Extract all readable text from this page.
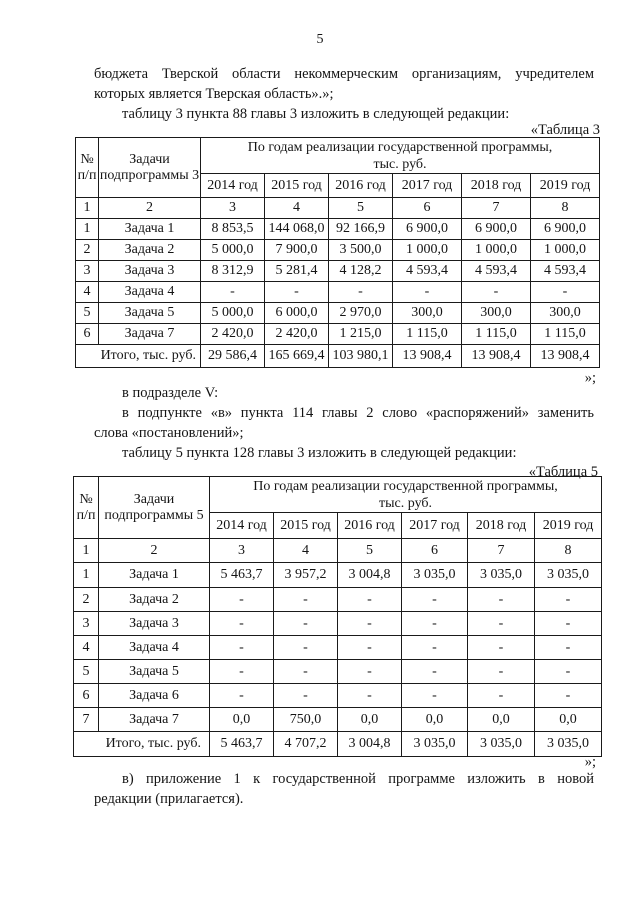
5
бюджета Тверской области некоммерческим организациям, учредителем
которых является Тверская область».»;
таблицу 3 пункта 88 главы 3 изложить в следующей редакции:
«Таблица 3
№ п/п	Задачи подпрограммы 3	По годам реализации государственной программы, тыс. руб.					
		2014 год	2015 год	2016 год	2017 год	2018 год	2019 год
1	2	3	4	5	6	7	8
1	Задача 1	8 853,5	144 068,0	92 166,9	6 900,0	6 900,0	6 900,0
2	Задача 2	5 000,0	7 900,0	3 500,0	1 000,0	1 000,0	1 000,0
3	Задача 3	8 312,9	5 281,4	4 128,2	4 593,4	4 593,4	4 593,4
4	Задача 4	-	-	-	-	-	-
5	Задача 5	5 000,0	6 000,0	2 970,0	300,0	300,0	300,0
6	Задача 7	2 420,0	2 420,0	1 215,0	1 115,0	1 115,0	1 115,0
Итого, тыс. руб.		29 586,4	165 669,4	103 980,1	13 908,4	13 908,4	13 908,4
»;
в подразделе V:
в подпункте «в» пункта 114 главы 2 слово «распоряжений» заменить
слова «постановлений»;
таблицу 5 пункта 128 главы 3 изложить в следующей редакции:
«Таблица 5
№ п/п	Задачи подпрограммы 5	По годам реализации государственной программы, тыс. руб.					
		2014 год	2015 год	2016 год	2017 год	2018 год	2019 год
1	2	3	4	5	6	7	8
1	Задача 1	5 463,7	3 957,2	3 004,8	3 035,0	3 035,0	3 035,0
2	Задача 2	-	-	-	-	-	-
3	Задача 3	-	-	-	-	-	-
4	Задача 4	-	-	-	-	-	-
5	Задача 5	-	-	-	-	-	-
6	Задача 6	-	-	-	-	-	-
7	Задача 7	0,0	750,0	0,0	0,0	0,0	0,0
Итого, тыс. руб.		5 463,7	4 707,2	3 004,8	3 035,0	3 035,0	3 035,0
»;
в) приложение 1 к государственной программе изложить в новой
редакции (прилагается).
